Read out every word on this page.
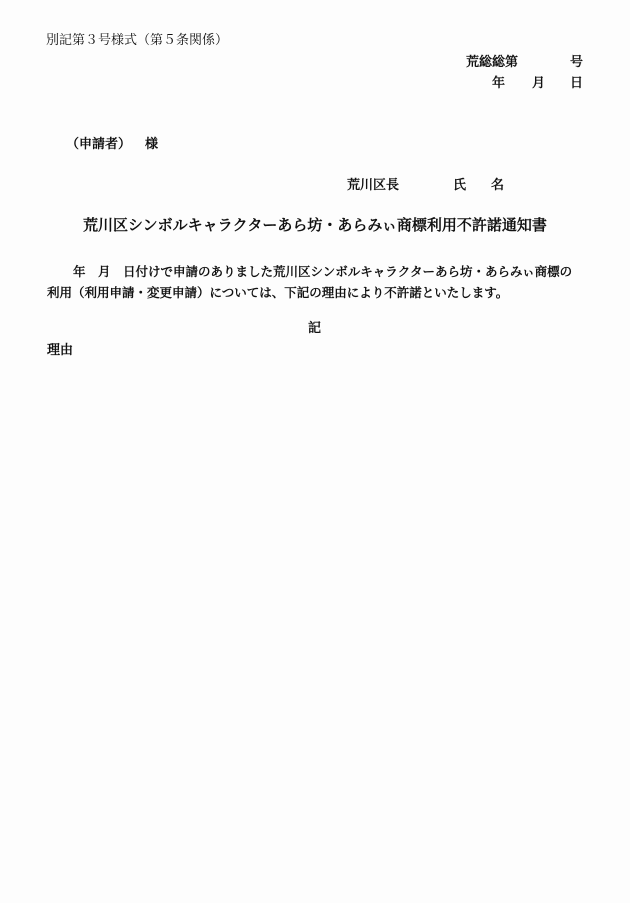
別記第３号様式（第５条関係）
荒総総第	号
年 月 日
（申請者） 様
荒川区長	氏 名
荒川区シンボルキャラクターあら坊・あらみぃ商標利用不許諾通知書
年　月　日付けで申請のありました荒川区シンボルキャラクターあら坊・あらみぃ商標の
利用（利用申請・変更申請）については、下記の理由により不許諾といたします。
記
理由
